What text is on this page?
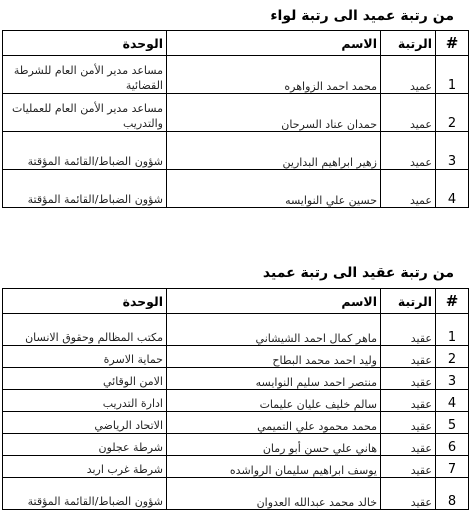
من رتبة عميد الى رتبة لواء
#	الرتبة	الاسم	الوحدة
1	عميد	محمد احمد الزواهره	مساعد مدير الأمن العام للشرطة القضائية
2	عميد	حمدان عناد السرحان	مساعد مدير الأمن العام للعمليات والتدريب
3	عميد	زهير ابراهيم البدارين	شؤون الضباط/القائمة المؤقتة
4	عميد	حسين علي النوايسه	شؤون الضباط/القائمة المؤقتة
من رتبة عقيد الى رتبة عميد
#	الرتبة	الاسم	الوحدة
1	عقيد	ماهر كمال احمد الشيشاني	مكتب المظالم وحقوق الانسان
2	عقيد	وليد احمد محمد البطاح	حماية الاسرة
3	عقيد	منتصر احمد سليم النوايسه	الامن الوقائي
4	عقيد	سالم خليف عليان عليمات	ادارة التدريب
5	عقيد	محمد محمود علي التميمي	الاتحاد الرياضي
6	عقيد	هاني علي حسن أبو رمان	شرطة عجلون
7	عقيد	يوسف ابراهيم سليمان الرواشده	شرطة غرب اربد
8	عقيد	خالد محمد عبدالله العدوان	شؤون الضباط/القائمة المؤقتة
